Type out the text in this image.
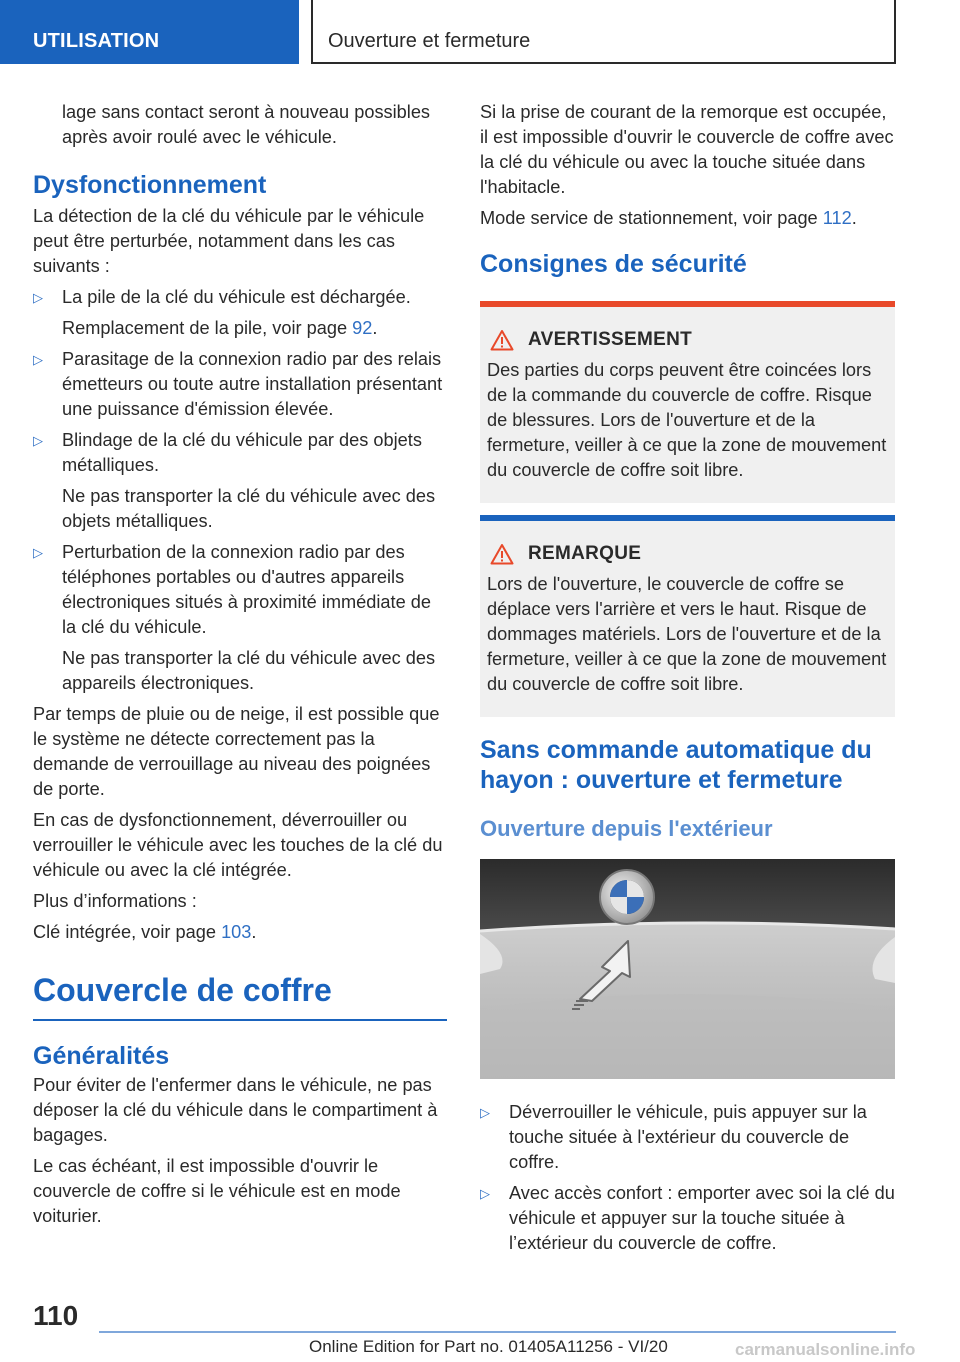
UTILISATION	Ouverture et fermeture

lage sans contact seront à nouveau possibles après avoir roulé avec le véhicule.

Dysfonctionnement

La détection de la clé du véhicule par le véhicule peut être perturbée, notamment dans les cas suivants :

▷ La pile de la clé du véhicule est déchargée.
Remplacement de la pile, voir page 92.
▷ Parasitage de la connexion radio par des relais émetteurs ou toute autre installation présentant une puissance d'émission élevée.
▷ Blindage de la clé du véhicule par des objets métalliques.
Ne pas transporter la clé du véhicule avec des objets métalliques.
▷ Perturbation de la connexion radio par des téléphones portables ou d'autres appareils électroniques situés à proximité immédiate de la clé du véhicule.
Ne pas transporter la clé du véhicule avec des appareils électroniques.

Par temps de pluie ou de neige, il est possible que le système ne détecte correctement pas la demande de verrouillage au niveau des poignées de porte.

En cas de dysfonctionnement, déverrouiller ou verrouiller le véhicule avec les touches de la clé du véhicule ou avec la clé intégrée.

Plus d’informations :

Clé intégrée, voir page 103.

Couvercle de coffre
Généralités

Pour éviter de l'enfermer dans le véhicule, ne pas déposer la clé du véhicule dans le compartiment à bagages.

Le cas échéant, il est impossible d'ouvrir le couvercle de coffre si le véhicule est en mode voiturier.

Si la prise de courant de la remorque est occupée, il est impossible d'ouvrir le couvercle de coffre avec la clé du véhicule ou avec la touche située dans l'habitacle.

Mode service de stationnement, voir page 112.

Consignes de sécurité
AVERTISSEMENT
Des parties du corps peuvent être coincées lors de la commande du couvercle de coffre. Risque de blessures. Lors de l'ouverture et de la fermeture, veiller à ce que la zone de mouvement du couvercle de coffre soit libre.
REMARQUE
Lors de l'ouverture, le couvercle de coffre se déplace vers l'arrière et vers le haut. Risque de dommages matériels. Lors de l'ouverture et de la fermeture, veiller à ce que la zone de mouvement du couvercle de coffre soit libre.
Sans commande automatique du hayon : ouverture et fermeture
Ouverture depuis l'extérieur
▷ Déverrouiller le véhicule, puis appuyer sur la touche située à l'extérieur du couvercle de coffre.
▷ Avec accès confort : emporter avec soi la clé du véhicule et appuyer sur la touche située à l’extérieur du couvercle de coffre.
110
Online Edition for Part no. 01405A11256 - VI/20	carmanualsonline.info
